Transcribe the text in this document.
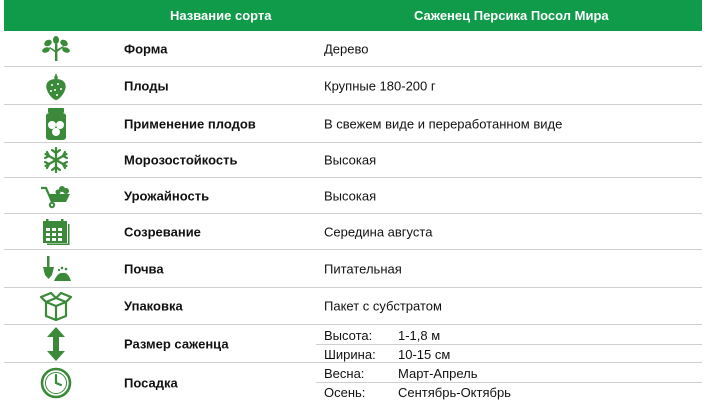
Название сорта	Саженец Персика Посол Мира
Форма	Дерево
Плоды	Крупные 180-200 г
Применение плодов	В свежем виде и переработанном виде
Морозостойкость	Высокая
Урожайность	Высокая
Созревание	Середина августа
Почва	Питательная
Упаковка	Пакет с субстратом
Размер саженца
Высота: 1-1,8 м
Ширина: 10-15 см
Посадка
Весна:	Март-Апрель
Осень:	Сентябрь-Октябрь
